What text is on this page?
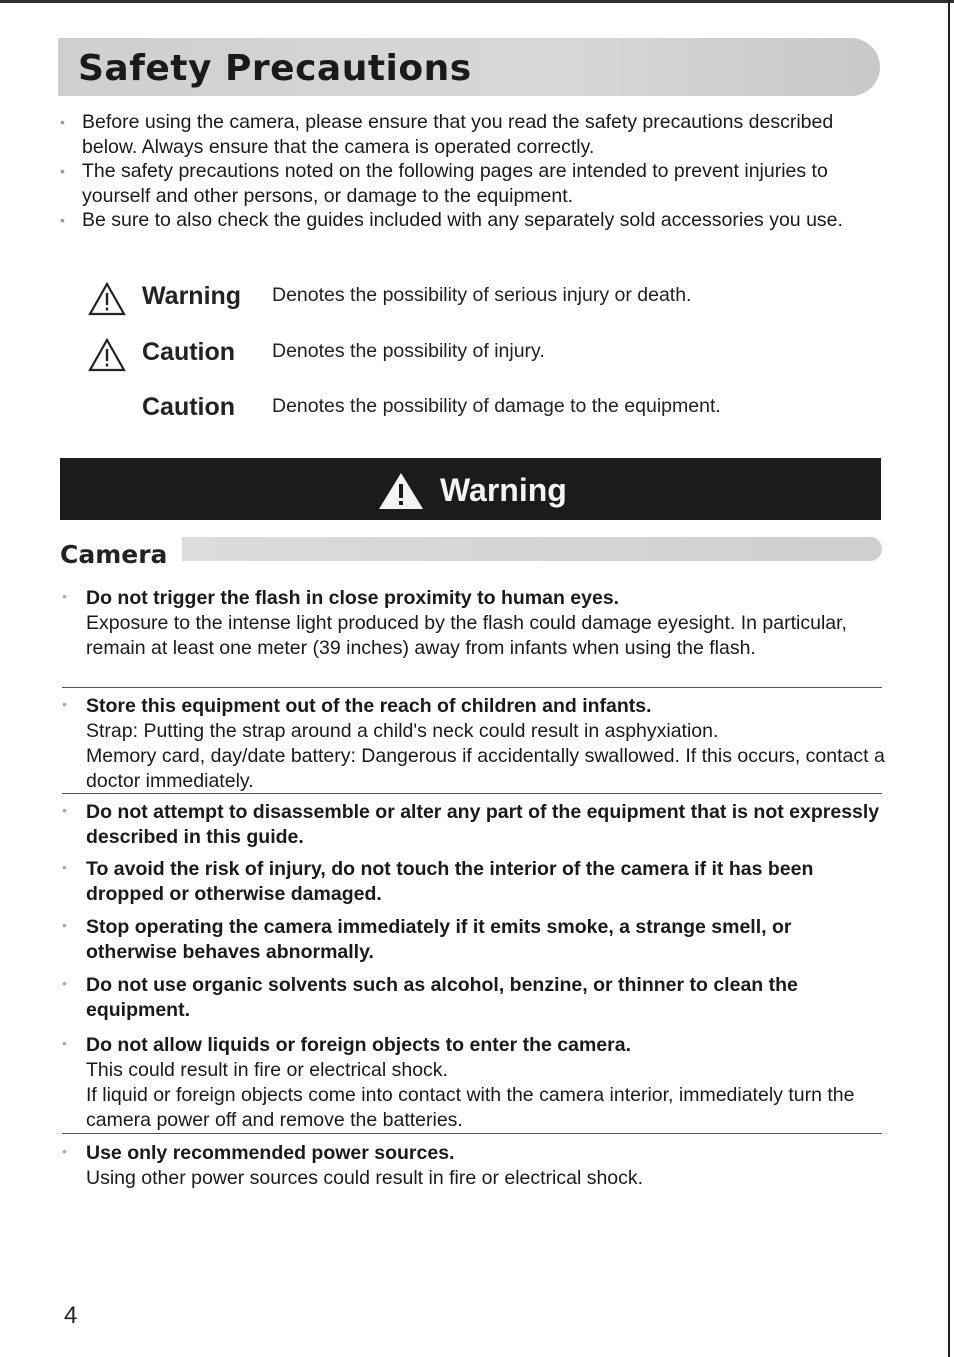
Safety Precautions
• Before using the camera, please ensure that you read the safety precautions described below. Always ensure that the camera is operated correctly.
• The safety precautions noted on the following pages are intended to prevent injuries to yourself and other persons, or damage to the equipment.
• Be sure to also check the guides included with any separately sold accessories you use.
Warning Denotes the possibility of serious injury or death.
Caution Denotes the possibility of injury.
Caution Denotes the possibility of damage to the equipment.
Warning
Camera
• Do not trigger the flash in close proximity to human eyes.
Exposure to the intense light produced by the flash could damage eyesight. In particular, remain at least one meter (39 inches) away from infants when using the flash.
• Store this equipment out of the reach of children and infants.
Strap: Putting the strap around a child's neck could result in asphyxiation.
Memory card, day/date battery: Dangerous if accidentally swallowed. If this occurs, contact a doctor immediately.
• Do not attempt to disassemble or alter any part of the equipment that is not expressly described in this guide.
• To avoid the risk of injury, do not touch the interior of the camera if it has been dropped or otherwise damaged.
• Stop operating the camera immediately if it emits smoke, a strange smell, or otherwise behaves abnormally.
• Do not use organic solvents such as alcohol, benzine, or thinner to clean the equipment.
• Do not allow liquids or foreign objects to enter the camera.
This could result in fire or electrical shock.
If liquid or foreign objects come into contact with the camera interior, immediately turn the camera power off and remove the batteries.
• Use only recommended power sources.
Using other power sources could result in fire or electrical shock.
4
